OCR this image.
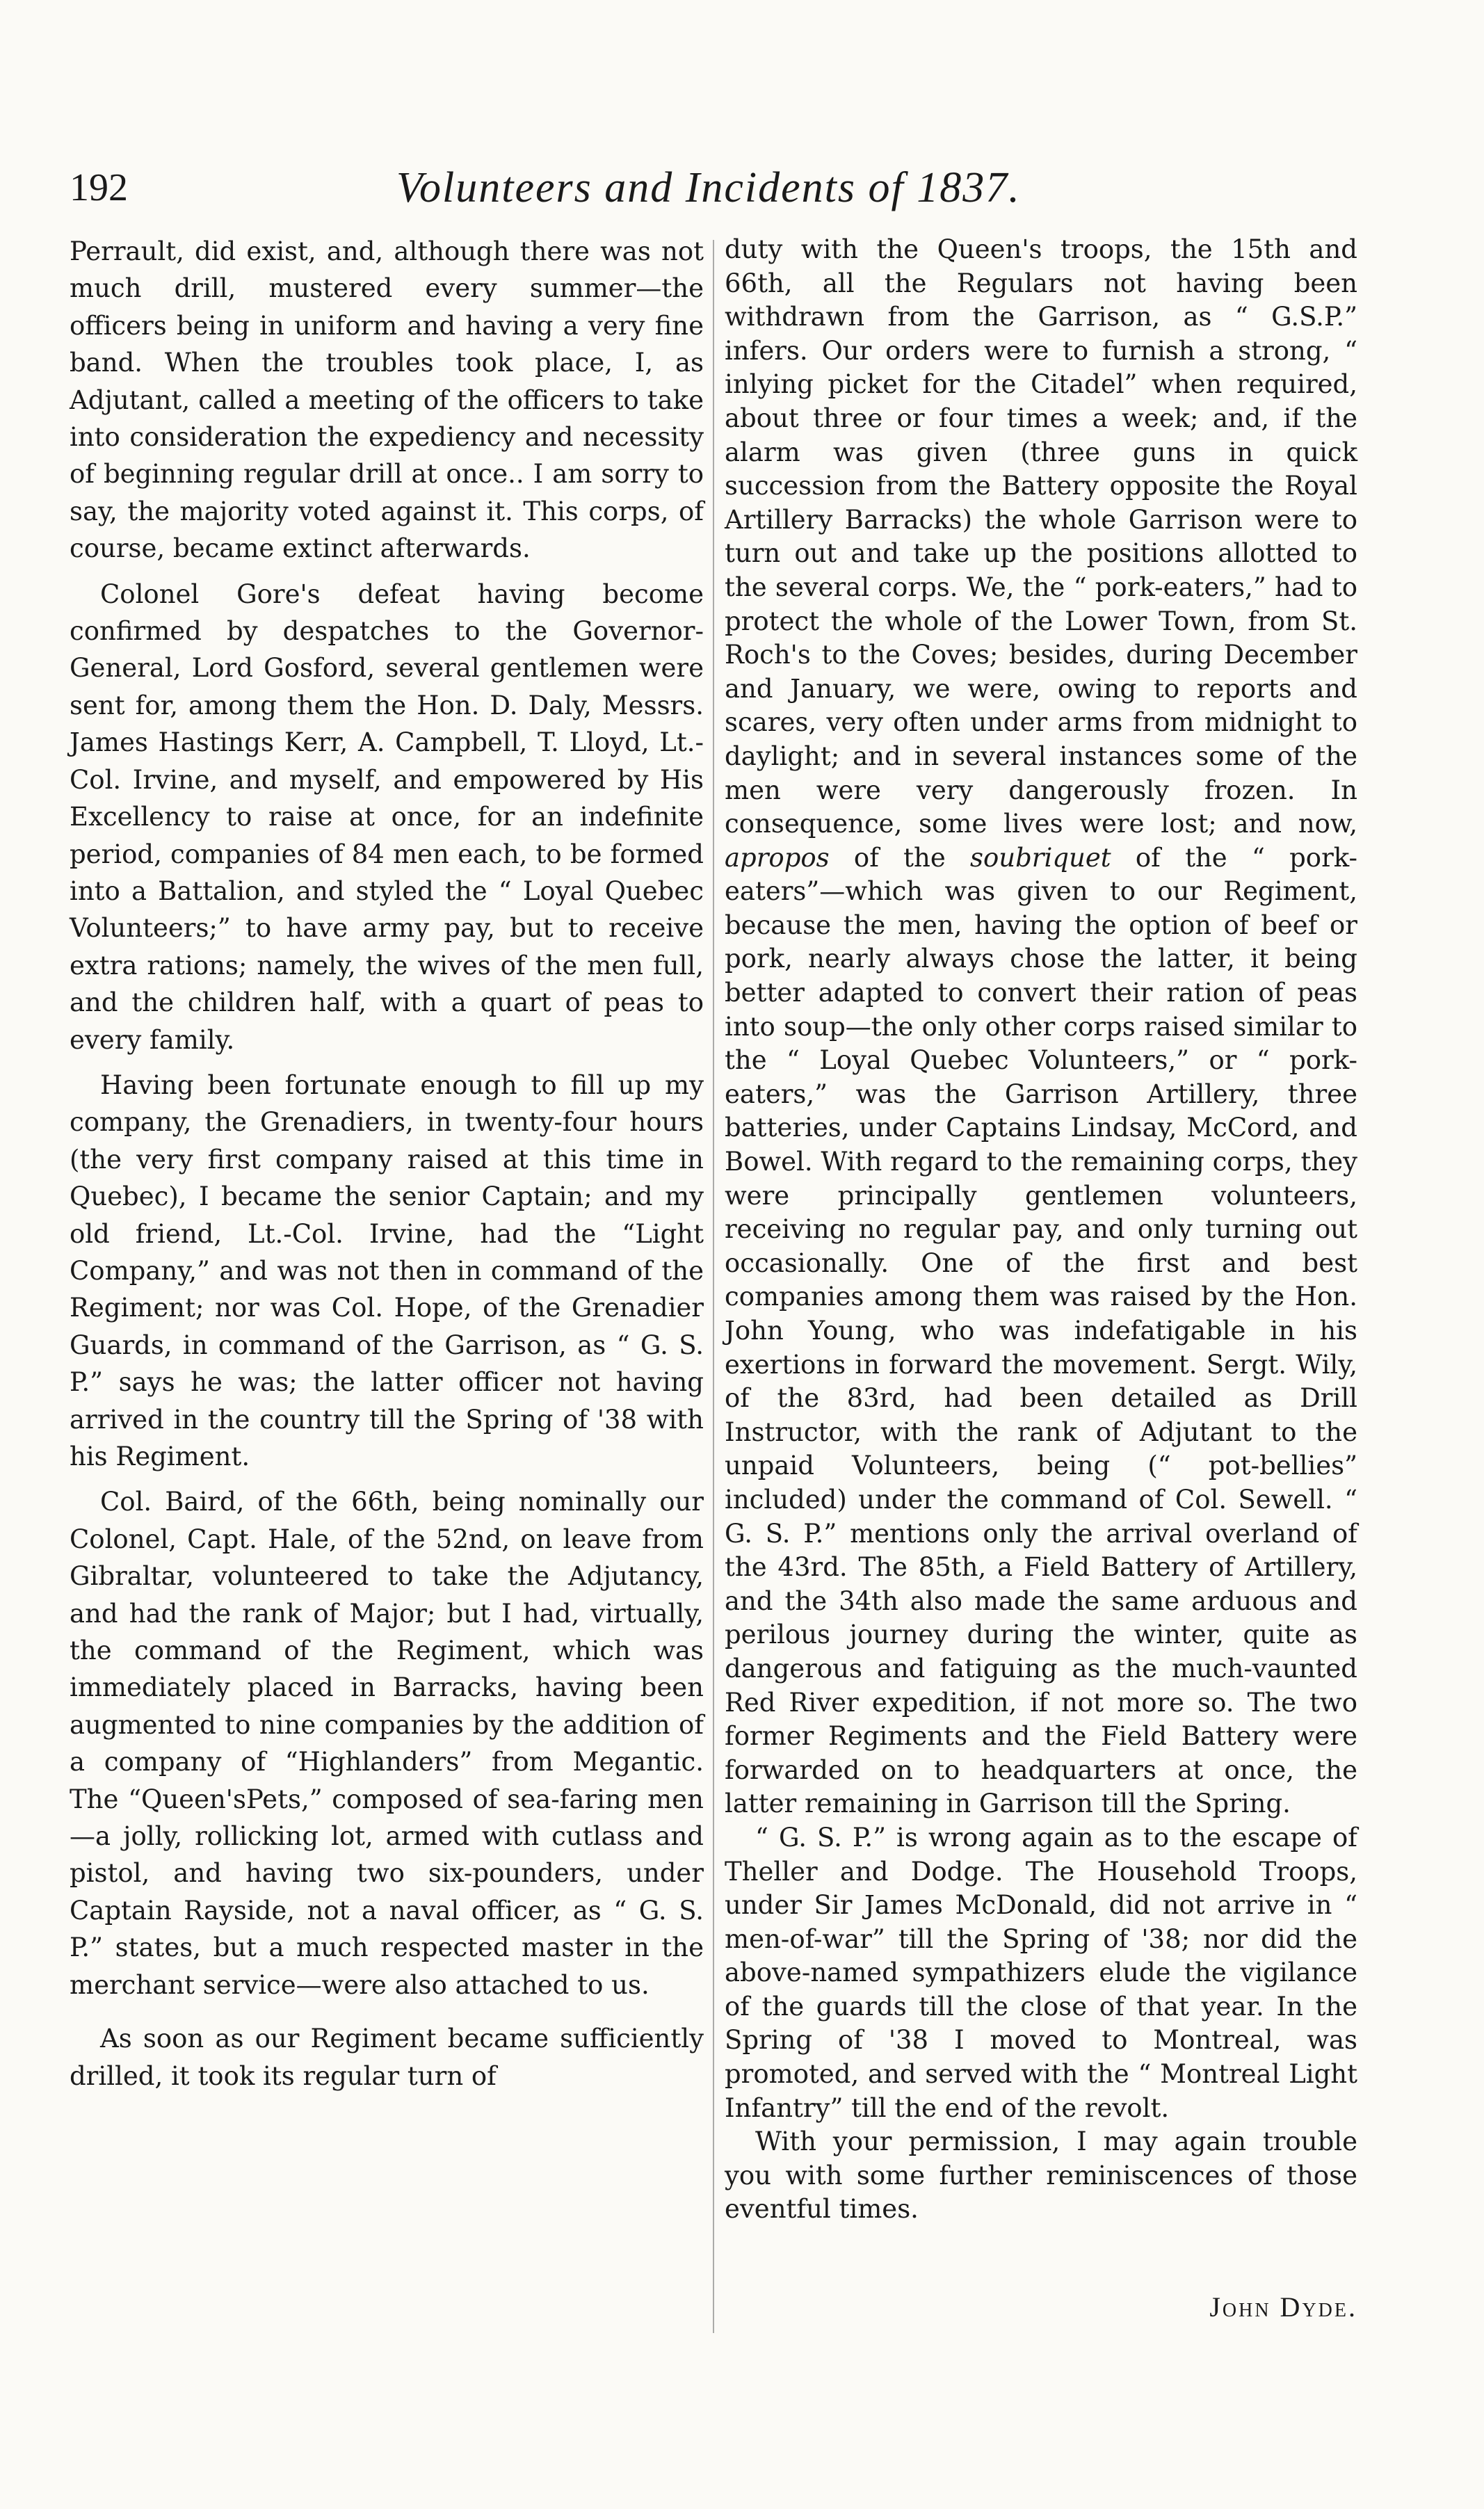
192	Volunteers and Incidents of 1837.

Perrault, did exist, and, although there was not much drill, mustered every summer—the officers being in uniform and having a very fine band. When the troubles took place, I, as Adjutant, called a meeting of the officers to take into consideration the expediency and necessity of beginning regular drill at once.. I am sorry to say, the majority voted against it. This corps, of course, became extinct afterwards.

Colonel Gore's defeat having become confirmed by despatches to the Governor-General, Lord Gosford, several gentlemen were sent for, among them the Hon. D. Daly, Messrs. James Hastings Kerr, A. Campbell, T. Lloyd, Lt.-Col. Irvine, and myself, and empowered by His Excellency to raise at once, for an indefinite period, companies of 84 men each, to be formed into a Battalion, and styled the “ Loyal Quebec Volunteers;” to have army pay, but to receive extra rations; namely, the wives of the men full, and the children half, with a quart of peas to every family.

Having been fortunate enough to fill up my company, the Grenadiers, in twenty-four hours (the very first company raised at this time in Quebec), I became the senior Captain; and my old friend, Lt.-Col. Irvine, had the “Light Company,” and was not then in command of the Regiment; nor was Col. Hope, of the Grenadier Guards, in command of the Garrison, as “ G. S. P.” says he was; the latter officer not having arrived in the country till the Spring of '38 with his Regiment.

Col. Baird, of the 66th, being nominally our Colonel, Capt. Hale, of the 52nd, on leave from Gibraltar, volunteered to take the Adjutancy, and had the rank of Major; but I had, virtually, the command of the Regiment, which was immediately placed in Barracks, having been augmented to nine companies by the addition of a company of “Highlanders” from Megantic. The “Queen'sPets,” composed of sea-faring men—a jolly, rollicking lot, armed with cutlass and pistol, and having two six-pounders, under Captain Rayside, not a naval officer, as “ G. S. P.” states, but a much respected master in the merchant service—were also attached to us.

As soon as our Regiment became sufficiently drilled, it took its regular turn of

duty with the Queen's troops, the 15th and 66th, all the Regulars not having been withdrawn from the Garrison, as “ G.S.P.” infers. Our orders were to furnish a strong, “ inlying picket for the Citadel” when required, about three or four times a week; and, if the alarm was given (three guns in quick succession from the Battery opposite the Royal Artillery Barracks) the whole Garrison were to turn out and take up the positions allotted to the several corps. We, the “ pork-eaters,” had to protect the whole of the Lower Town, from St. Roch's to the Coves; besides, during December and January, we were, owing to reports and scares, very often under arms from midnight to daylight; and in several instances some of the men were very dangerously frozen. In consequence, some lives were lost; and now, apropos of the soubriquet of the “ pork-eaters”—which was given to our Regiment, because the men, having the option of beef or pork, nearly always chose the latter, it being better adapted to convert their ration of peas into soup—the only other corps raised similar to the “ Loyal Quebec Volunteers,” or “ pork-eaters,” was the Garrison Artillery, three batteries, under Captains Lindsay, McCord, and Bowel. With regard to the remaining corps, they were principally gentlemen volunteers, receiving no regular pay, and only turning out occasionally. One of the first and best companies among them was raised by the Hon. John Young, who was indefatigable in his exertions in forward the movement. Sergt. Wily, of the 83rd, had been detailed as Drill Instructor, with the rank of Adjutant to the unpaid Volunteers, being (“ pot-bellies” included) under the command of Col. Sewell. “ G. S. P.” mentions only the arrival overland of the 43rd. The 85th, a Field Battery of Artillery, and the 34th also made the same arduous and perilous journey during the winter, quite as dangerous and fatiguing as the much-vaunted Red River expedition, if not more so. The two former Regiments and the Field Battery were forwarded on to headquarters at once, the latter remaining in Garrison till the Spring.

“ G. S. P.” is wrong again as to the escape of Theller and Dodge. The Household Troops, under Sir James McDonald, did not arrive in “ men-of-war” till the Spring of '38; nor did the above-named sympathizers elude the vigilance of the guards till the close of that year. In the Spring of '38 I moved to Montreal, was promoted, and served with the “ Montreal Light Infantry” till the end of the revolt.

With your permission, I may again trouble you with some further reminiscences of those eventful times.

John Dyde.
